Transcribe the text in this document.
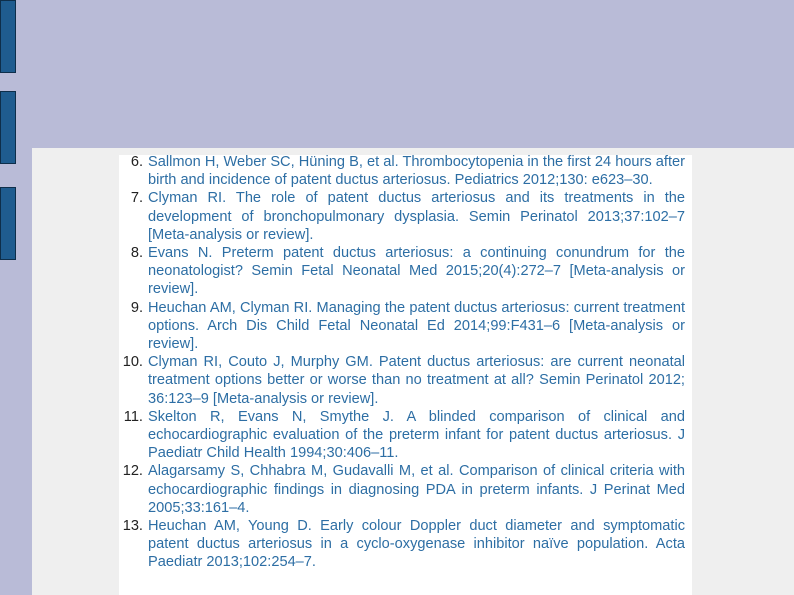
6. Sallmon H, Weber SC, Hüning B, et al. Thrombocytopenia in the first 24 hours after birth and incidence of patent ductus arteriosus. Pediatrics 2012;130: e623–30.
7. Clyman RI. The role of patent ductus arteriosus and its treatments in the development of bronchopulmonary dysplasia. Semin Perinatol 2013;37:102–7 [Meta-analysis or review].
8. Evans N. Preterm patent ductus arteriosus: a continuing conundrum for the neonatologist? Semin Fetal Neonatal Med 2015;20(4):272–7 [Meta-analysis or review].
9. Heuchan AM, Clyman RI. Managing the patent ductus arteriosus: current treatment options. Arch Dis Child Fetal Neonatal Ed 2014;99:F431–6 [Meta-analysis or review].
10. Clyman RI, Couto J, Murphy GM. Patent ductus arteriosus: are current neonatal treatment options better or worse than no treatment at all? Semin Perinatol 2012; 36:123–9 [Meta-analysis or review].
11. Skelton R, Evans N, Smythe J. A blinded comparison of clinical and echocardiographic evaluation of the preterm infant for patent ductus arteriosus. J Paediatr Child Health 1994;30:406–11.
12. Alagarsamy S, Chhabra M, Gudavalli M, et al. Comparison of clinical criteria with echocardiographic findings in diagnosing PDA in preterm infants. J Perinat Med 2005;33:161–4.
13. Heuchan AM, Young D. Early colour Doppler duct diameter and symptomatic patent ductus arteriosus in a cyclo-oxygenase inhibitor naïve population. Acta Paediatr 2013;102:254–7.
